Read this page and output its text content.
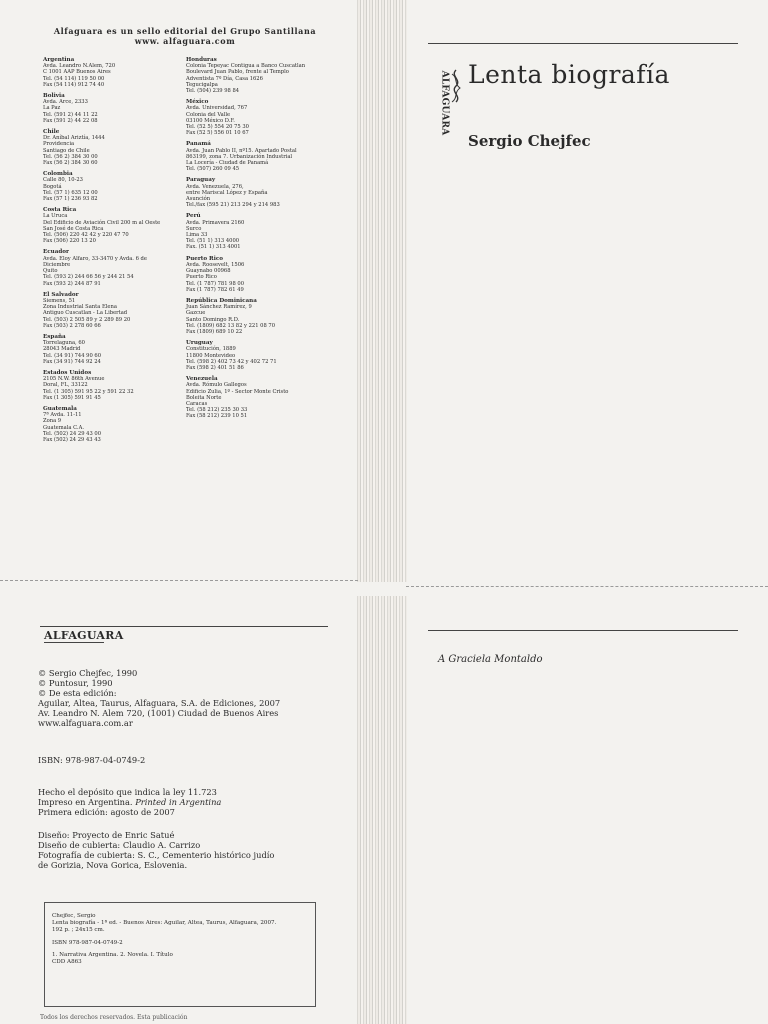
Alfaguara es un sello editorial del Grupo Santillana
www. alfaguara.com
Argentina
Avda. Leandro N.Alem, 720
C 1001 AAP Buenos Aires
Tel. (54 114) 119 50 00
Fax (54 114) 912 74 40
Bolivia
Avda. Arce, 2333
La Paz
Tel. (591 2) 44 11 22
Fax (591 2) 44 22 08
Chile
Dr. Aníbal Ariztía, 1444
Providencia
Santiago de Chile
Tel. (56 2) 384 30 00
Fax (56 2) 384 30 60
Colombia
Calle 80, 10-23
Bogotá
Tel. (57 1) 635 12 00
Fax (57 1) 236 93 82
Costa Rica
La Uruca
Del Edificio de Aviación Civil 200 m al Oeste
San José de Costa Rica
Tel. (506) 220 42 42 y 220 47 70
Fax (506) 220 13 20
Ecuador
Avda. Eloy Alfaro, 33-3470 y Avda. 6 de
Diciembre
Quito
Tel. (593 2) 244 66 56 y 244 21 54
Fax (593 2) 244 87 91
El Salvador
Siemens, 51
Zona Industrial Santa Elena
Antiguo Cuscatlan - La Libertad
Tel. (503) 2 505 89 y 2 289 89 20
Fax (503) 2 278 60 66
España
Torrelaguna, 60
28043 Madrid
Tel. (34 91) 744 90 60
Fax (34 91) 744 92 24
Estados Unidos
2105 N.W. 86th Avenue
Doral, FL, 33122
Tel. (1 305) 591 95 22 y 591 22 32
Fax (1 305) 591 91 45
Guatemala
7ª Avda. 11-11
Zona 9
Guatemala C.A.
Tel. (502) 24 29 43 00
Fax (502) 24 29 43 43
Honduras
Colonia Tepeyac Contigua a Banco Cuscatlan
Boulevard Juan Pablo, frente al Templo
Adventista 7º Día, Casa 1626
Tegucigalpa
Tel. (504) 239 98 84
México
Avda. Universidad, 767
Colonia del Valle
03100 México D.F.
Tel. (52 5) 554 20 75 30
Fax (52 5) 556 01 10 67
Panamá
Avda. Juan Pablo II, nº15. Apartado Postal
863199, zona 7. Urbanización Industrial
La Locería - Ciudad de Panamá
Tel. (507) 260 09 45
Paraguay
Avda. Venezuela, 276,
entre Mariscal López y España
Asunción
Tel./fax (595 21) 213 294 y 214 983
Perú
Avda. Primavera 2160
Surco
Lima 33
Tel. (51 1) 313 4000
Fax. (51 1) 313 4001
Puerto Rico
Avda. Roosevelt, 1506
Guaynabo 00968
Puerto Rico
Tel. (1 787) 781 98 00
Fax (1 787) 782 61 49
República Dominicana
Juan Sánchez Ramírez, 9
Gazcue
Santo Domingo R.D.
Tel. (1809) 682 13 82 y 221 08 70
Fax (1809) 689 10 22
Uruguay
Constitución, 1889
11800 Montevideo
Tel. (598 2) 402 73 42 y 402 72 71
Fax (598 2) 401 51 86
Venezuela
Avda. Rómulo Gallegos
Edificio Zulia, 1º - Sector Monte Cristo
Boleita Norte
Caracas
Tel. (58 212) 235 30 33
Fax (58 212) 239 10 51
ALFAGUARA Lenta biografía
Sergio Chejfec
ALFAGUARA
© Sergio Chejfec, 1990
© Puntosur, 1990
© De esta edición:
Aguilar, Altea, Taurus, Alfaguara, S.A. de Ediciones, 2007
Av. Leandro N. Alem 720, (1001) Ciudad de Buenos Aires
www.alfaguara.com.ar
ISBN: 978-987-04-0749-2
Hecho el depósito que indica la ley 11.723
Impreso en Argentina. Printed in Argentina
Primera edición: agosto de 2007
Diseño: Proyecto de Enric Satué
Diseño de cubierta: Claudio A. Carrizo
Fotografía de cubierta: S. C., Cementerio histórico judío
de Gorizia, Nova Gorica, Eslovenia.
Chejfec, Sergio
Lenta biografía - 1ª ed. - Buenos Aires: Aguilar, Altea, Taurus, Alfaguara, 2007.
192 p. ; 24x15 cm.
ISBN 978-987-04-0749-2
1. Narrativa Argentina. 2. Novela. I. Título
CDD A863
Todos los derechos reservados. Esta publicación
A Graciela Montaldo
